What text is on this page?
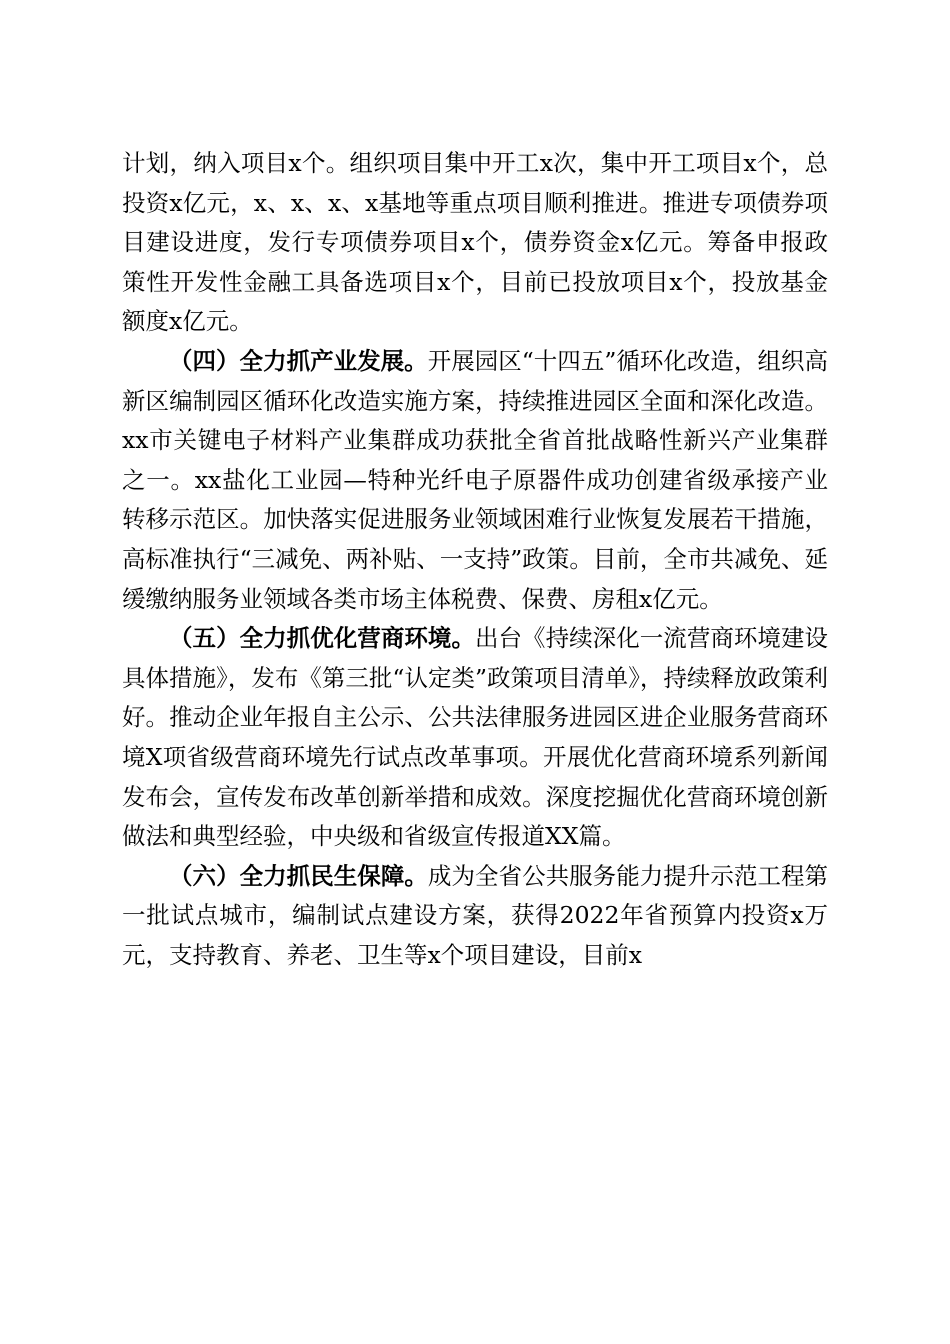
计划，纳入项目x个。组织项目集中开工x次，集中开工项目x个，总投资x亿元，x、x、x、x基地等重点项目顺利推进。推进专项债券项目建设进度，发行专项债券项目x个，债券资金x亿元。筹备申报政策性开发性金融工具备选项目x个，目前已投放项目x个，投放基金额度x亿元。

（四）全力抓产业发展。开展园区“十四五”循环化改造，组织高新区编制园区循环化改造实施方案，持续推进园区全面和深化改造。xx市关键电子材料产业集群成功获批全省首批战略性新兴产业集群之一。xx盐化工业园—特种光纤电子原器件成功创建省级承接产业转移示范区。加快落实促进服务业领域困难行业恢复发展若干措施，高标准执行“三减免、两补贴、一支持”政策。目前，全市共减免、延缓缴纳服务业领域各类市场主体税费、保费、房租x亿元。

（五）全力抓优化营商环境。出台《持续深化一流营商环境建设具体措施》，发布《第三批“认定类”政策项目清单》，持续释放政策利好。推动企业年报自主公示、公共法律服务进园区进企业服务营商环境X项省级营商环境先行试点改革事项。开展优化营商环境系列新闻发布会，宣传发布改革创新举措和成效。深度挖掘优化营商环境创新做法和典型经验，中央级和省级宣传报道XX篇。

（六）全力抓民生保障。成为全省公共服务能力提升示范工程第一批试点城市，编制试点建设方案，获得2022年省预算内投资x万元，支持教育、养老、卫生等x个项目建设，目前x
